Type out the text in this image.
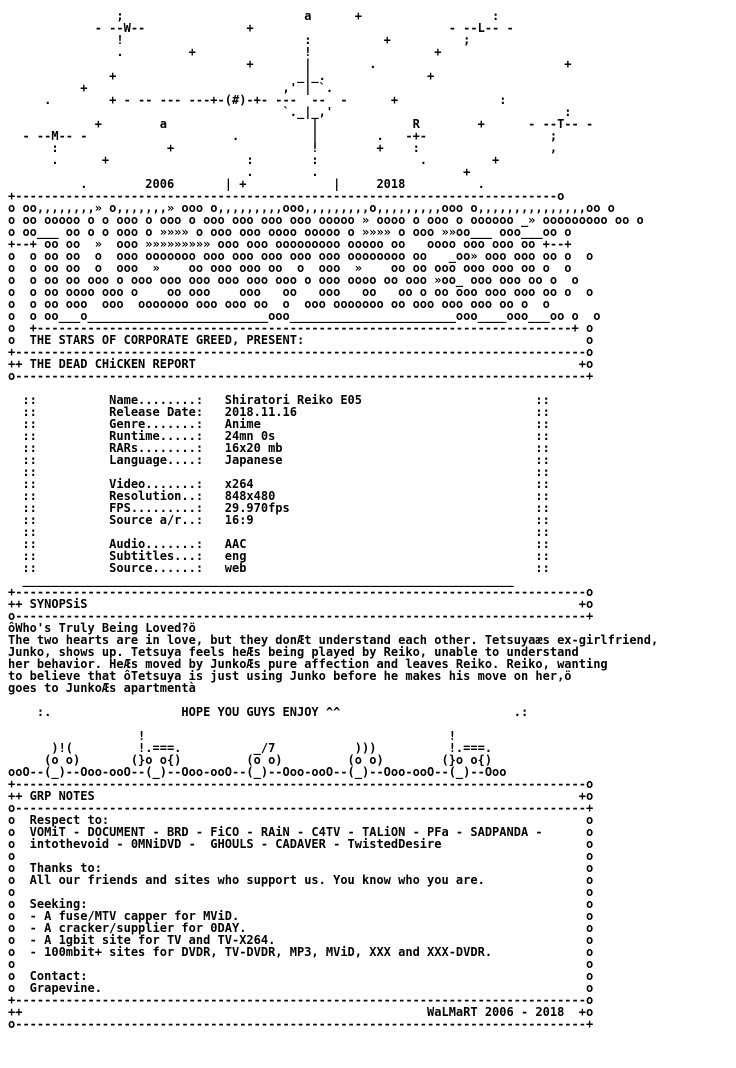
;                         a      +                  :
- --W--              +                           - --L-- -
!                         :          +          ;
.         +               !                 +
+       |        .                          +
+                         _|_.              +
+                           ,' | `.
.        + - -- --- ---+-(#)-+- ---  --  -      +              :
`._|_,'                                :
+        a                    |             R        +      - --T-- -
- --M-- -                    .          |        .   -+-                 ;
:               +                   !        +    :                  ,
.      +                   :        :              .         +
.        .                    +
.        2006       | +            |     2018          .
+---------------------------------------------------------------------------o
o oo,,,,,,,,» o,,,,,,,» ooo o,,,,,,,,,ooo,,,,,,,,,o,,,,,,,,,ooo o,,,,,,,,,,,,,,,oo o
o oo ooooo o o ooo o ooo o ooo ooo ooo ooo ooooo » oooo o ooo o oooooo _» ooooooooo oo o
o oo___ oo o o ooo o »»»» o ooo ooo oooo ooooo o »»»» o ooo »»oo___ ooo___oo o
+--+ oo oo  »  ooo »»»»»»»»» ooo ooo ooooooooo ooooo oo   oooo ooo ooo oo +--+
o  o oo oo  o  ooo ooooooo ooo ooo ooo ooo ooo oooooooo oo   _oo» ooo ooo oo o  o
o  o oo oo  o  ooo  »    oo ooo ooo oo  o  ooo  »    oo oo ooo ooo ooo oo o  o
o  o oo oo ooo o ooo ooo ooo ooo ooo ooo o ooo oooo oo ooo »oo_ ooo ooo oo o  o
o  o oo oooo ooo o    oo ooo    ooo   oo   ooo   oo   oo o oo ooo ooo ooo oo o  o
o  o oo ooo  ooo  ooooooo ooo ooo oo  o  ooo ooooooo oo ooo ooo ooo oo o  o
o  o oo___o_________________________ooo_______________________ooo____ooo___oo o  o
o  +--------------------------------------------------------------------------+ o
o  THE STARS OF CORPORATE GREED, PRESENT:                                       o
+-------------------------------------------------------------------------------o
++ THE DEAD CHiCKEN REPORT                                                     +o
o-------------------------------------------------------------------------------+
::          Name........:   Shiratori Reiko E05                        ::
::          Release Date:   2018.11.16                                 ::
::          Genre.......:   Anime                                      ::
::          Runtime.....:   24mn 0s                                    ::
::          RARs........:   16x20 mb                                   ::
::          Language....:   Japanese                                   ::
::                                                                     ::
::          Video.......:   x264                                       ::
::          Resolution..:   848x480                                    ::
::          FPS.........:   29.970fps                                  ::
::          Source a/r..:   16:9                                       ::
::                                                                     ::
::          Audio.......:   AAC                                        ::
::          Subtitles...:   eng                                        ::
::          Source......:   web                                        ::
____________________________________________________________________
+-------------------------------------------------------------------------------o
++ SYNOPSiS                                                                    +o
o-------------------------------------------------------------------------------+
ôWho's Truly Being Loved?ö
The two hearts are in love, but they donÆt understand each other. Tetsuyaæs ex-girlfriend,
Junko, shows up. Tetsuya feels heÆs being played by Reiko, unable to understand
her behavior. HeÆs moved by JunkoÆs pure affection and leaves Reiko. Reiko, wanting
to believe that ôTetsuya is just using Junko before he makes his move on her,ö
goes to JunkoÆs apartmentà
:.                  HOPE YOU GUYS ENJOY ^^                        .:
!                                          !
)!(         !.===.          _/7           )))          !.===.
(o o)       (}o o{)         (o o)         (o o)        (}o o{)
ooO--(_)--Ooo-ooO--(_)--Ooo-ooO--(_)--Ooo-ooO--(_)--Ooo-ooO--(_)--Ooo
+-------------------------------------------------------------------------------o
++ GRP NOTES                                                                   +o
o-------------------------------------------------------------------------------+
o  Respect to:                                                                  o
o  VOMiT - DOCUMENT - BRD - FiCO - RAiN - C4TV - TALiON - PFa - SADPANDA -      o
o  intothevoid - 0MNiDVD -  GHOULS - CADAVER - TwistedDesire                    o
o                                                                               o
o  Thanks to:                                                                   o
o  All our friends and sites who support us. You know who you are.              o
o                                                                               o
o  Seeking:                                                                     o
o  - A fuse/MTV capper for MViD.                                                o
o  - A cracker/supplier for 0DAY.                                               o
o  - A 1gbit site for TV and TV-X264.                                           o
o  - 100mbit+ sites for DVDR, TV-DVDR, MP3, MViD, XXX and XXX-DVDR.             o
o                                                                               o
o  Contact:                                                                     o
o  Grapevine.                                                                   o
+-------------------------------------------------------------------------------o
++                                                        WaLMaRT 2006 - 2018  +o
o-------------------------------------------------------------------------------+
